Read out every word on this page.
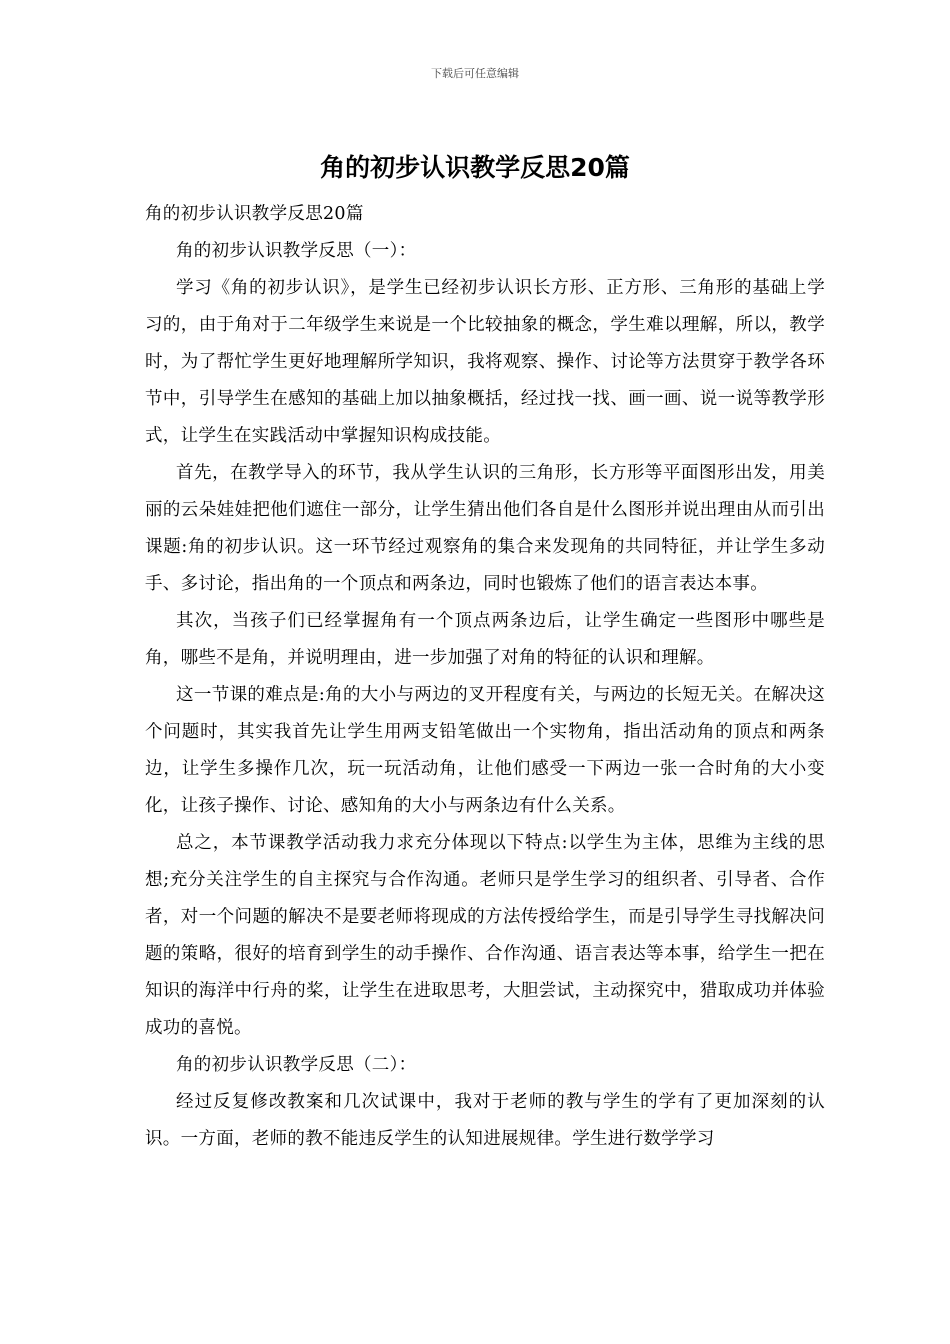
下载后可任意编辑
角的初步认识教学反思20篇

角的初步认识教学反思20篇

角的初步认识教学反思（一）：

学习《角的初步认识》，是学生已经初步认识长方形、正方形、三角形的基础上学习的，由于角对于二年级学生来说是一个比较抽象的概念，学生难以理解，所以，教学时，为了帮忙学生更好地理解所学知识，我将观察、操作、讨论等方法贯穿于教学各环节中，引导学生在感知的基础上加以抽象概括，经过找一找、画一画、说一说等教学形式，让学生在实践活动中掌握知识构成技能。

首先，在教学导入的环节，我从学生认识的三角形，长方形等平面图形出发，用美丽的云朵娃娃把他们遮住一部分，让学生猜出他们各自是什么图形并说出理由从而引出课题:角的初步认识。这一环节经过观察角的集合来发现角的共同特征，并让学生多动手、多讨论，指出角的一个顶点和两条边，同时也锻炼了他们的语言表达本事。

其次，当孩子们已经掌握角有一个顶点两条边后，让学生确定一些图形中哪些是角，哪些不是角，并说明理由，进一步加强了对角的特征的认识和理解。

这一节课的难点是:角的大小与两边的叉开程度有关，与两边的长短无关。在解决这个问题时，其实我首先让学生用两支铅笔做出一个实物角，指出活动角的顶点和两条边，让学生多操作几次，玩一玩活动角，让他们感受一下两边一张一合时角的大小变化，让孩子操作、讨论、感知角的大小与两条边有什么关系。

总之，本节课教学活动我力求充分体现以下特点:以学生为主体，思维为主线的思想;充分关注学生的自主探究与合作沟通。老师只是学生学习的组织者、引导者、合作者，对一个问题的解决不是要老师将现成的方法传授给学生，而是引导学生寻找解决问题的策略，很好的培育到学生的动手操作、合作沟通、语言表达等本事，给学生一把在知识的海洋中行舟的桨，让学生在进取思考，大胆尝试，主动探究中，猎取成功并体验成功的喜悦。

角的初步认识教学反思（二）：

经过反复修改教案和几次试课中，我对于老师的教与学生的学有了更加深刻的认识。一方面，老师的教不能违反学生的认知进展规律。学生进行数学学习
